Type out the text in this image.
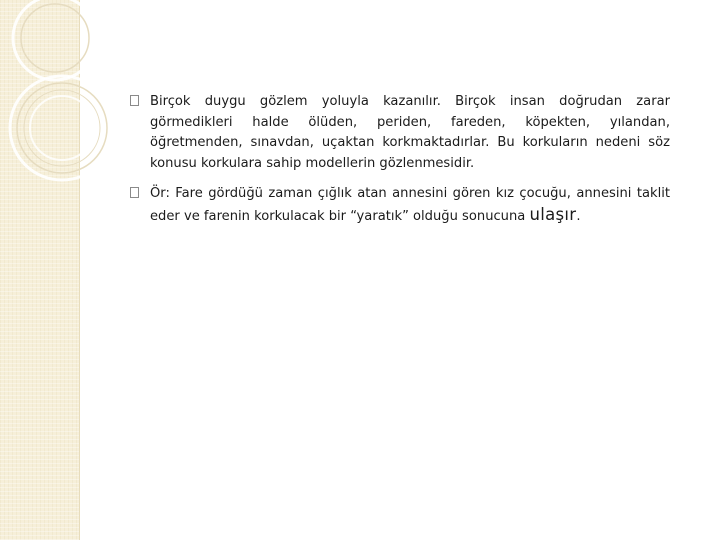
Birçok duygu gözlem yoluyla kazanılır. Birçok insan doğrudan zarar görmedikleri halde ölüden, periden, fareden, köpekten, yılandan, öğretmenden, sınavdan, uçaktan korkmaktadırlar. Bu korkuların nedeni söz konusu korkulara sahip modellerin gözlenmesidir.

Ör: Fare gördüğü zaman çığlık atan annesini gören kız çocuğu, annesini taklit eder ve farenin korkulacak bir “yaratık” olduğu sonucuna ulaşır.
